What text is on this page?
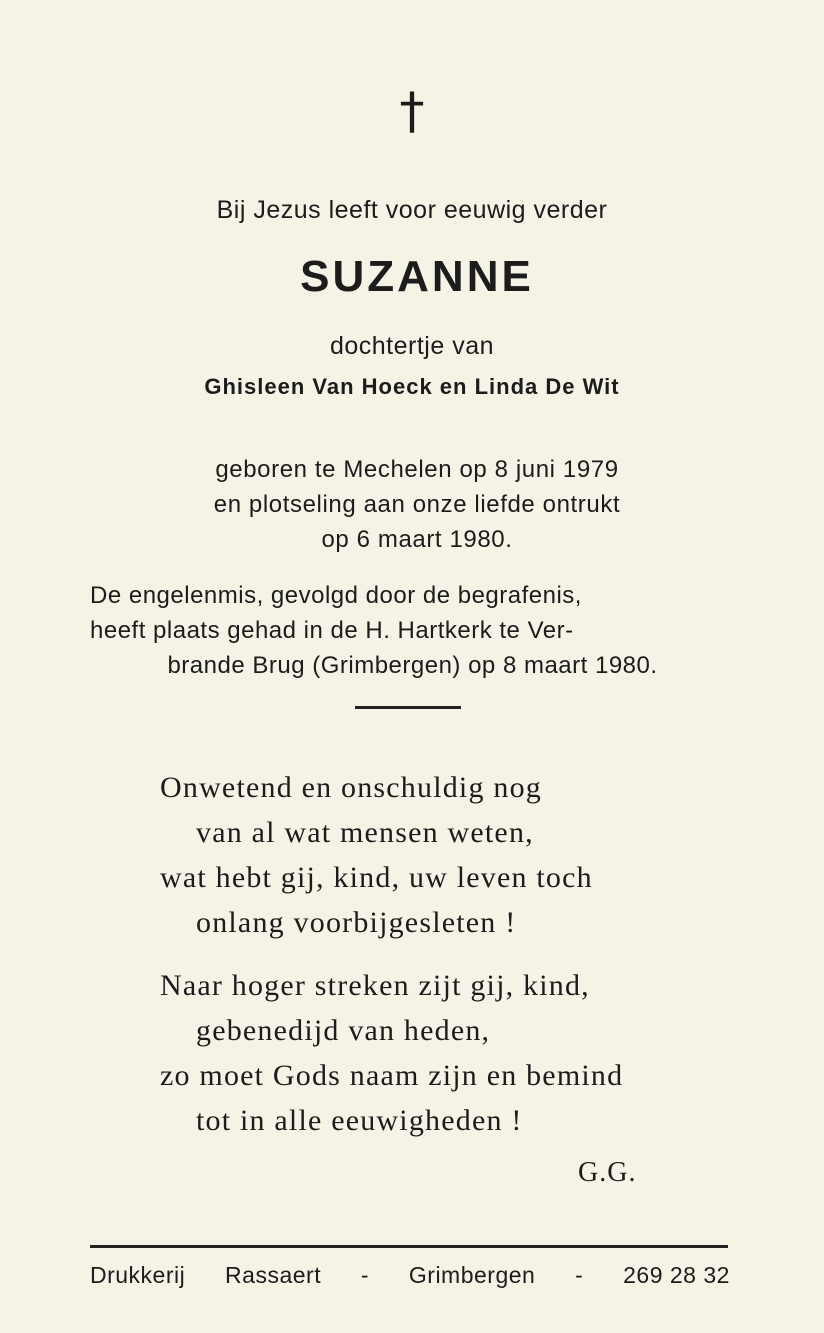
†
Bij Jezus leeft voor eeuwig verder
SUZANNE
dochtertje van
Ghisleen Van Hoeck en Linda De Wit
geboren te Mechelen op 8 juni 1979
en plotseling aan onze liefde ontrukt
op 6 maart 1980.
De engelenmis, gevolgd door de begrafenis,
heeft plaats gehad in de H. Hartkerk te Ver-
brande Brug (Grimbergen) op 8 maart 1980.
Onwetend en onschuldig nog
van al wat mensen weten,
wat hebt gij, kind, uw leven toch
onlang voorbijgesleten !
Naar hoger streken zijt gij, kind,
gebenedijd van heden,
zo moet Gods naam zijn en bemind
tot in alle eeuwigheden !
G.G.
Drukkerij Rassaert - Grimbergen - 269 28 32
